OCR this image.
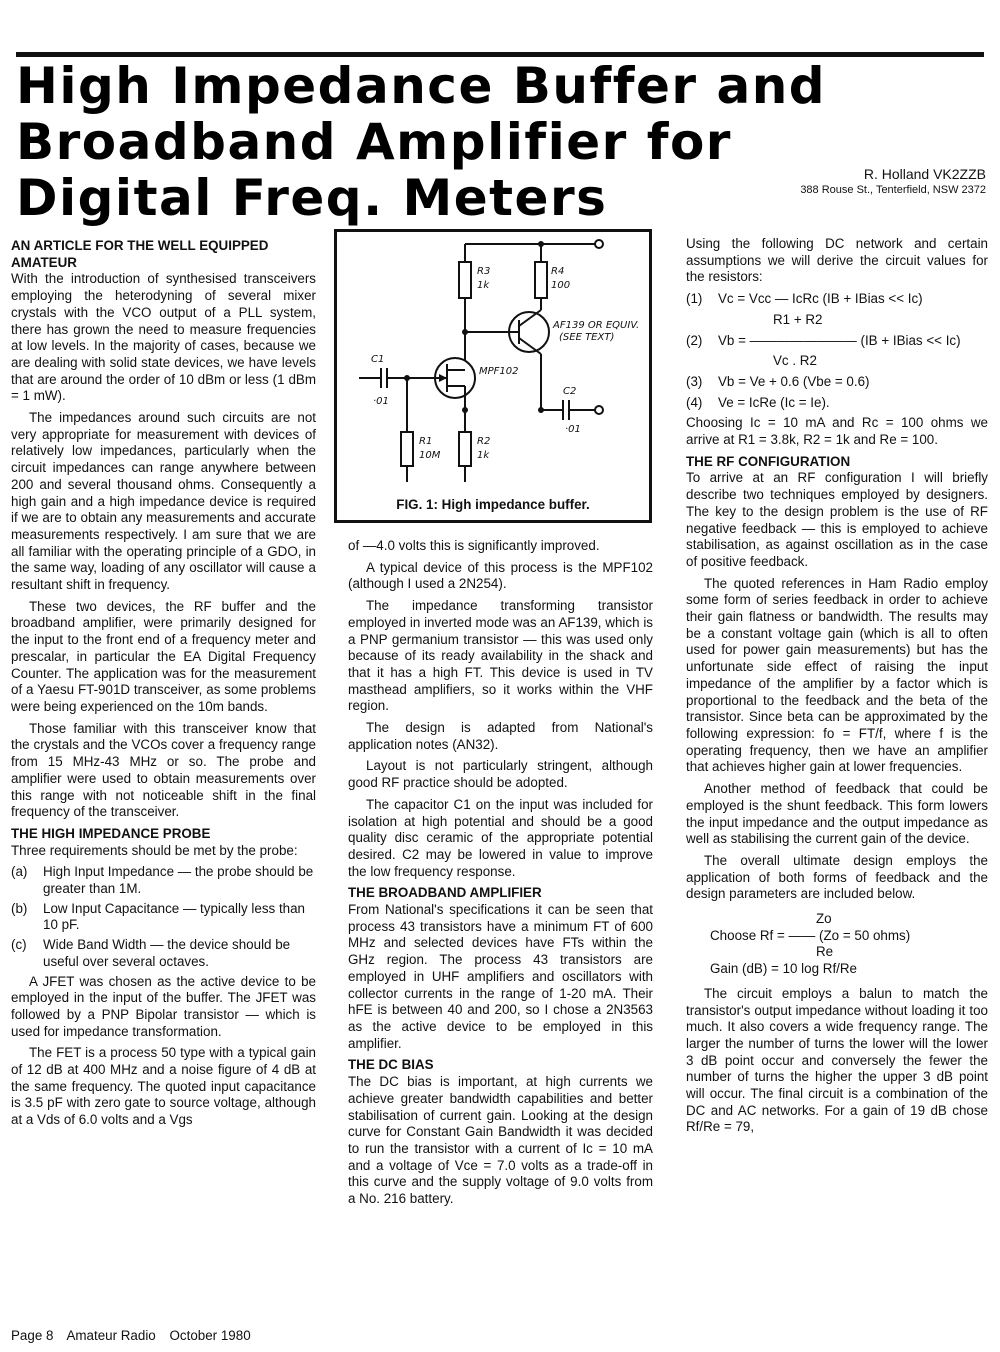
High Impedance Buffer and
Broadband Amplifier for
Digital Freq. Meters	R. Holland VK2ZZB
388 Rouse St., Tenterfield, NSW 2372
AN ARTICLE FOR THE WELL EQUIPPED AMATEUR

With the introduction of synthesised transceivers employing the heterodyning of several mixer crystals with the VCO output of a PLL system, there has grown the need to measure frequencies at low levels. In the majority of cases, because we are dealing with solid state devices, we have levels that are around the order of 10 dBm or less (1 dBm = 1 mW).

The impedances around such circuits are not very appropriate for measurement with devices of relatively low impedances, particularly when the circuit impedances can range anywhere between 200 and several thousand ohms. Consequently a high gain and a high impedance device is required if we are to obtain any measurements and accurate measurements respectively. I am sure that we are all familiar with the operating principle of a GDO, in the same way, loading of any oscillator will cause a resultant shift in frequency.

These two devices, the RF buffer and the broadband amplifier, were primarily designed for the input to the front end of a frequency meter and prescalar, in particular the EA Digital Frequency Counter. The application was for the measurement of a Yaesu FT-901D transceiver, as some problems were being experienced on the 10m bands.

Those familiar with this transceiver know that the crystals and the VCOs cover a frequency range from 15 MHz-43 MHz or so. The probe and amplifier were used to obtain measurements over this range with not noticeable shift in the final frequency of the transceiver.

THE HIGH IMPEDANCE PROBE

Three requirements should be met by the probe:

(a) High Input Impedance — the probe should be greater than 1M.
(b) Low Input Capacitance — typically less than 10 pF.
(c) Wide Band Width — the device should be useful over several octaves.

A JFET was chosen as the active device to be employed in the input of the buffer. The JFET was followed by a PNP Bipolar transistor — which is used for impedance transformation.

The FET is a process 50 type with a typical gain of 12 dB at 400 MHz and a noise figure of 4 dB at the same frequency. The quoted input capacitance is 3.5 pF with zero gate to source voltage, although at a Vds of 6.0 volts and a Vgs

R3
1k
R4
100
AF139 OR EQUIV.
(SEE TEXT)
C1
·01
MPF102
C2
·01
R1
10M
R2
1k
FIG. 1: High impedance buffer.

of —4.0 volts this is significantly improved.

A typical device of this process is the MPF102 (although I used a 2N254).

The impedance transforming transistor employed in inverted mode was an AF139, which is a PNP germanium transistor — this was used only because of its ready availability in the shack and that it has a high FT. This device is used in TV masthead amplifiers, so it works within the VHF region.

The design is adapted from National's application notes (AN32).

Layout is not particularly stringent, although good RF practice should be adopted.

The capacitor C1 on the input was included for isolation at high potential and should be a good quality disc ceramic of the appropriate potential desired. C2 may be lowered in value to improve the low frequency response.

THE BROADBAND AMPLIFIER

From National's specifications it can be seen that process 43 transistors have a minimum FT of 600 MHz and selected devices have FTs within the GHz region. The process 43 transistors are employed in UHF amplifiers and oscillators with collector currents in the range of 1-20 mA. Their hFE is between 40 and 200, so I chose a 2N3563 as the active device to be employed in this amplifier.

THE DC BIAS

The DC bias is important, at high currents we achieve greater bandwidth capabilities and better stabilisation of current gain. Looking at the design curve for Constant Gain Bandwidth it was decided to run the transistor with a current of Ic = 10 mA and a voltage of Vce = 7.0 volts as a trade-off in this curve and the supply voltage of 9.0 volts from a No. 216 battery.

Using the following DC network and certain assumptions we will derive the circuit values for the resistors:

(1) Vc = Vcc — IcRc (IB + IBias << Ic)
R1 + R2
(2) Vb = ———————— (IB + IBias << Ic)
Vc . R2
(3) Vb = Ve + 0.6 (Vbe = 0.6)
(4) Ve = IcRe (Ic = Ie).

Choosing Ic = 10 mA and Rc = 100 ohms we arrive at R1 = 3.8k, R2 = 1k and Re = 100.

THE RF CONFIGURATION

To arrive at an RF configuration I will briefly describe two techniques employed by designers. The key to the design problem is the use of RF negative feedback — this is employed to achieve stabilisation, as against oscillation as in the case of positive feedback.

The quoted references in Ham Radio employ some form of series feedback in order to achieve their gain flatness or bandwidth. The results may be a constant voltage gain (which is all to often used for power gain measurements) but has the unfortunate side effect of raising the input impedance of the amplifier by a factor which is proportional to the feedback and the beta of the transistor. Since beta can be approximated by the following expression: fo = FT/f, where f is the operating frequency, then we have an amplifier that achieves higher gain at lower frequencies.

Another method of feedback that could be employed is the shunt feedback. This form lowers the input impedance and the output impedance as well as stabilising the current gain of the device.

The overall ultimate design employs the application of both forms of feedback and the design parameters are included below.

Zo
Choose Rf = —— (Zo = 50 ohms)
Re
Gain (dB) = 10 log Rf/Re

The circuit employs a balun to match the transistor's output impedance without loading it too much. It also covers a wide frequency range. The larger the number of turns the lower will the lower 3 dB point occur and conversely the fewer the number of turns the higher the upper 3 dB point will occur. The final circuit is a combination of the DC and AC networks. For a gain of 19 dB chose Rf/Re = 79,

Page 8 Amateur Radio October 1980
